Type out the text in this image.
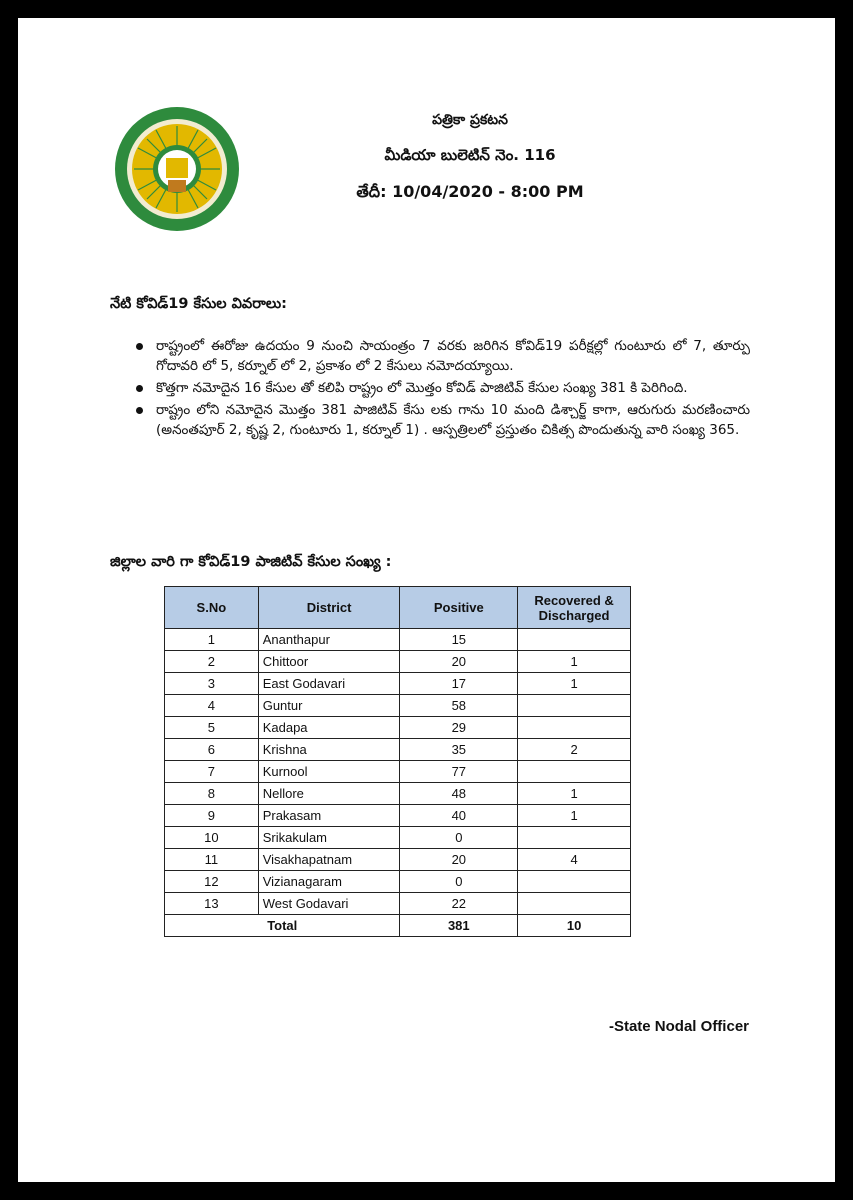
పత్రికా ప్రకటన
మీడియా బులెటిన్ నెం. 116
తేదీ: 10/04/2020 - 8:00 PM
నేటి కోవిడ్19 కేసుల వివరాలు:
రాష్ట్రంలో ఈరోజు ఉదయం 9 నుంచి సాయంత్రం 7 వరకు జరిగిన కోవిడ్19 పరీక్షల్లో గుంటూరు లో 7, తూర్పు గోదావరి లో 5, కర్నూల్ లో 2, ప్రకాశం లో 2 కేసులు నమోదయ్యాయి.
కొత్తగా నమోదైన 16 కేసుల తో కలిపి రాష్ట్రం లో మొత్తం కోవిడ్ పాజిటివ్ కేసుల సంఖ్య 381 కి పెరిగింది.
రాష్ట్రం లోని నమోదైన మొత్తం 381 పాజిటివ్ కేసు లకు గాను 10 మంది డిశ్చార్జ్ కాగా, ఆరుగురు మరణించారు (అనంతపూర్ 2, కృష్ణ 2, గుంటూరు 1, కర్నూల్ 1) . ఆస్పత్రిలలో ప్రస్తుతం చికిత్స పొందుతున్న వారి సంఖ్య 365.
జిల్లాల వారి గా కోవిడ్19 పాజిటివ్ కేసుల సంఖ్య :
S.No	District	Positive	Recovered & Discharged
1	Ananthapur	15	
2	Chittoor	20	1
3	East Godavari	17	1
4	Guntur	58	
5	Kadapa	29	
6	Krishna	35	2
7	Kurnool	77	
8	Nellore	48	1
9	Prakasam	40	1
10	Srikakulam	0	
11	Visakhapatnam	20	4
12	Vizianagaram	0	
13	West Godavari	22	
Total		381	10
-State Nodal Officer
